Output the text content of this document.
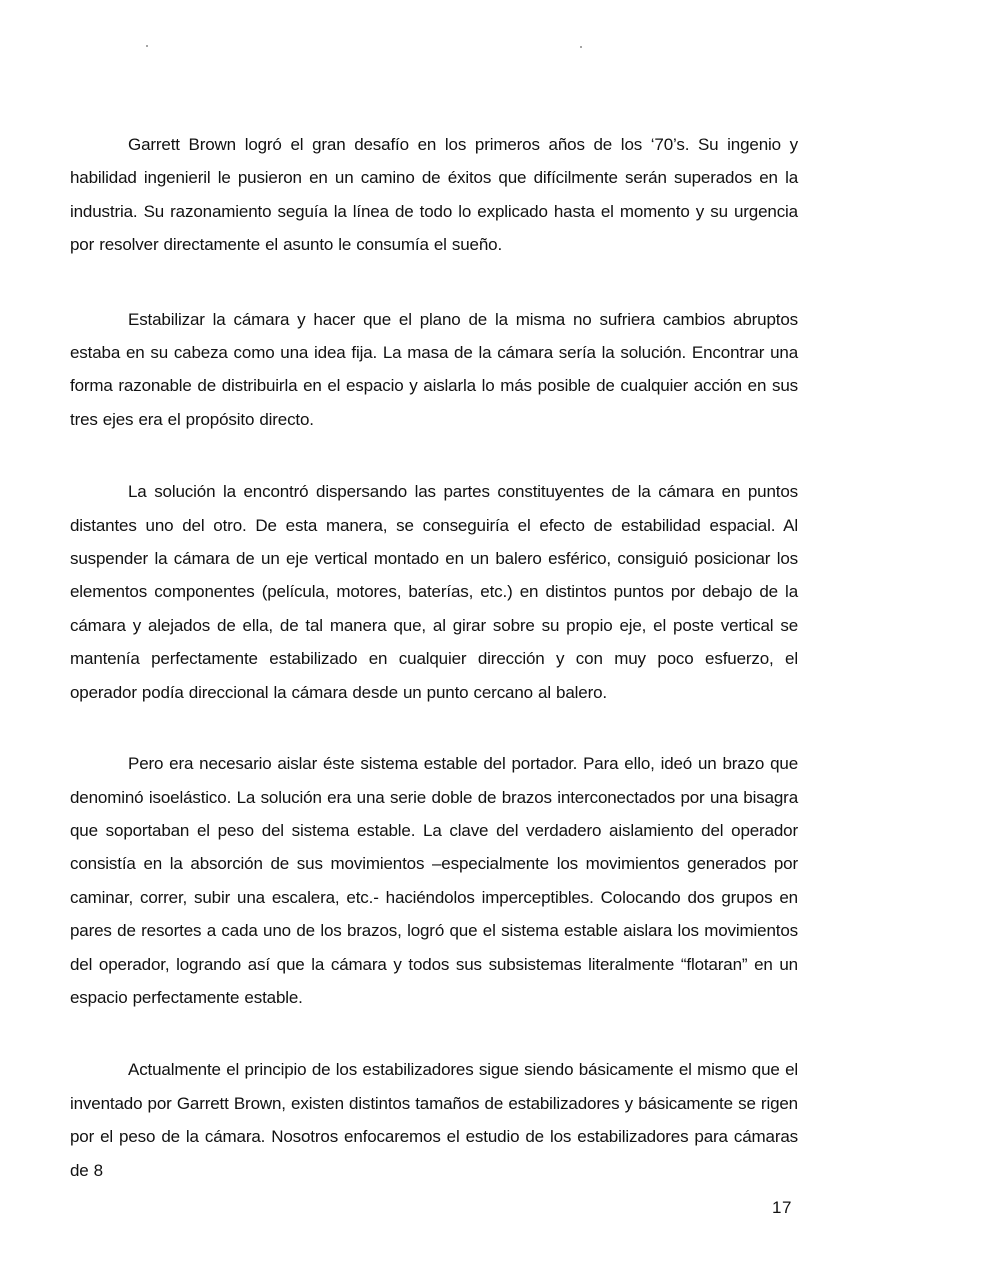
Garrett Brown logró el gran desafío en los primeros años de los ‘70’s. Su ingenio y habilidad ingenieril le pusieron en un camino de éxitos que difícilmente serán superados en la industria. Su razonamiento seguía la línea de todo lo explicado hasta el momento y su urgencia por resolver directamente el asunto le consumía el sueño.

Estabilizar la cámara y hacer que el plano de la misma no sufriera cambios abruptos estaba en su cabeza como una idea fija. La masa de la cámara sería la solución. Encontrar una forma razonable de distribuirla en el espacio y aislarla lo más posible de cualquier acción en sus tres ejes era el propósito directo.

La solución la encontró dispersando las partes constituyentes de la cámara en puntos distantes uno del otro. De esta manera, se conseguiría el efecto de estabilidad espacial. Al suspender la cámara de un eje vertical montado en un balero esférico, consiguió posicionar los elementos componentes (película, motores, baterías, etc.) en distintos puntos por debajo de la cámara y alejados de ella, de tal manera que, al girar sobre su propio eje, el poste vertical se mantenía perfectamente estabilizado en cualquier dirección y con muy poco esfuerzo, el operador podía direccional la cámara desde un punto cercano al balero.

Pero era necesario aislar éste sistema estable del portador. Para ello, ideó un brazo que denominó isoelástico. La solución era una serie doble de brazos interconectados por una bisagra que soportaban el peso del sistema estable. La clave del verdadero aislamiento del operador consistía en la absorción de sus movimientos –especialmente los movimientos generados por caminar, correr, subir una escalera, etc.- haciéndolos imperceptibles. Colocando dos grupos en pares de resortes a cada uno de los brazos, logró que el sistema estable aislara los movimientos del operador, logrando así que la cámara y todos sus subsistemas literalmente “flotaran” en un espacio perfectamente estable.

Actualmente el principio de los estabilizadores sigue siendo básicamente el mismo que el inventado por Garrett Brown, existen distintos tamaños de estabilizadores y básicamente se rigen por el peso de la cámara. Nosotros enfocaremos el estudio de los estabilizadores para cámaras de 8

17
